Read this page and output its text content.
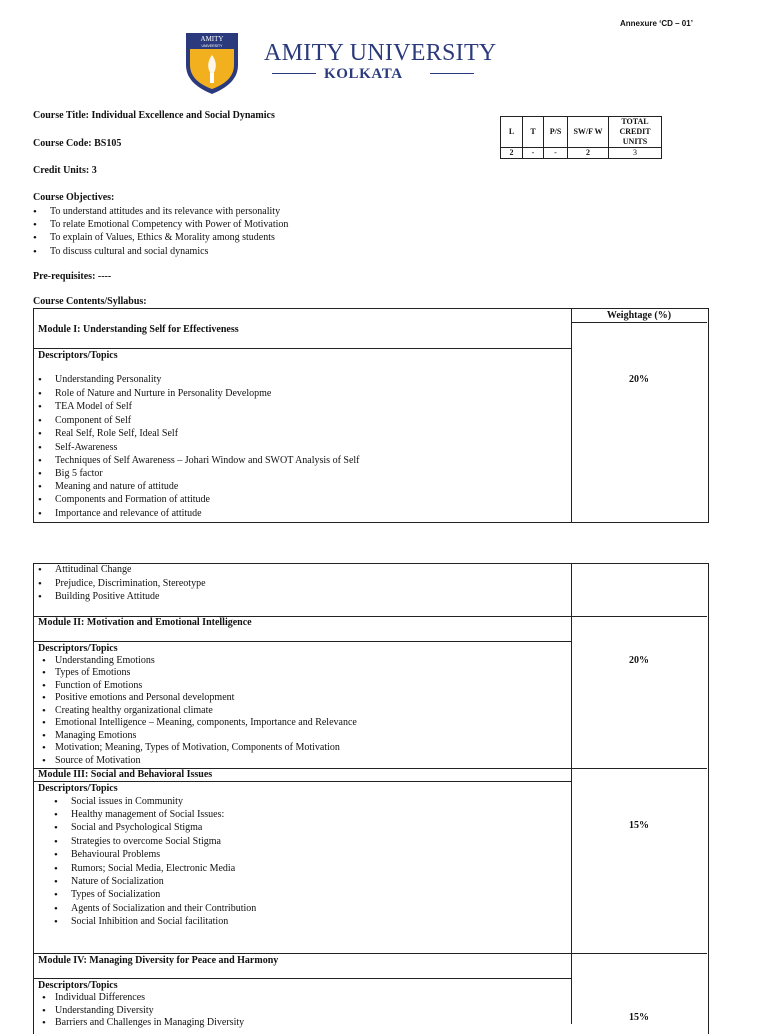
Annexure ‘CD – 01’
AMITY
UNIVERSITY AMITY UNIVERSITY
KOLKATA
Course Title: Individual Excellence and Social Dynamics
Course Code: BS105
Credit Units: 3
L	T	P/S	SW/F W	TOTAL CREDIT UNITS
2	-	-	2	3
Course Objectives:
• To understand attitudes and its relevance with personality
• To relate Emotional Competency with Power of Motivation
• To explain of Values, Ethics & Morality among students
• To discuss cultural and social dynamics
Pre-requisites: ----
Course Contents/Syllabus:
Weightage (%)
Module I: Understanding Self for Effectiveness
Descriptors/Topics
20%
• Understanding Personality
• Role of Nature and Nurture in Personality Developme
• TEA Model of Self
• Component of Self
• Real Self, Role Self, Ideal Self
• Self-Awareness
• Techniques of Self Awareness – Johari Window and SWOT Analysis of Self
• Big 5 factor
• Meaning and nature of attitude
• Components and Formation of attitude
• Importance and relevance of attitude
• Attitudinal Change
• Prejudice, Discrimination, Stereotype
• Building Positive Attitude
Module II: Motivation and Emotional Intelligence
Descriptors/Topics
20%
• Understanding Emotions
• Types of Emotions
• Function of Emotions
• Positive emotions and Personal development
• Creating healthy organizational climate
• Emotional Intelligence – Meaning, components, Importance and Relevance
• Managing Emotions
• Motivation; Meaning, Types of Motivation, Components of Motivation
• Source of Motivation
Module III: Social and Behavioral Issues
Descriptors/Topics
15%
• Social issues in Community
• Healthy management of Social Issues:
• Social and Psychological Stigma
• Strategies to overcome Social Stigma
• Behavioural Problems
• Rumors; Social Media, Electronic Media
• Nature of Socialization
• Types of Socialization
• Agents of Socialization and their Contribution
• Social Inhibition and Social facilitation
Module IV: Managing Diversity for Peace and Harmony
Descriptors/Topics
15%
• Individual Differences
• Understanding Diversity
• Barriers and Challenges in Managing Diversity
